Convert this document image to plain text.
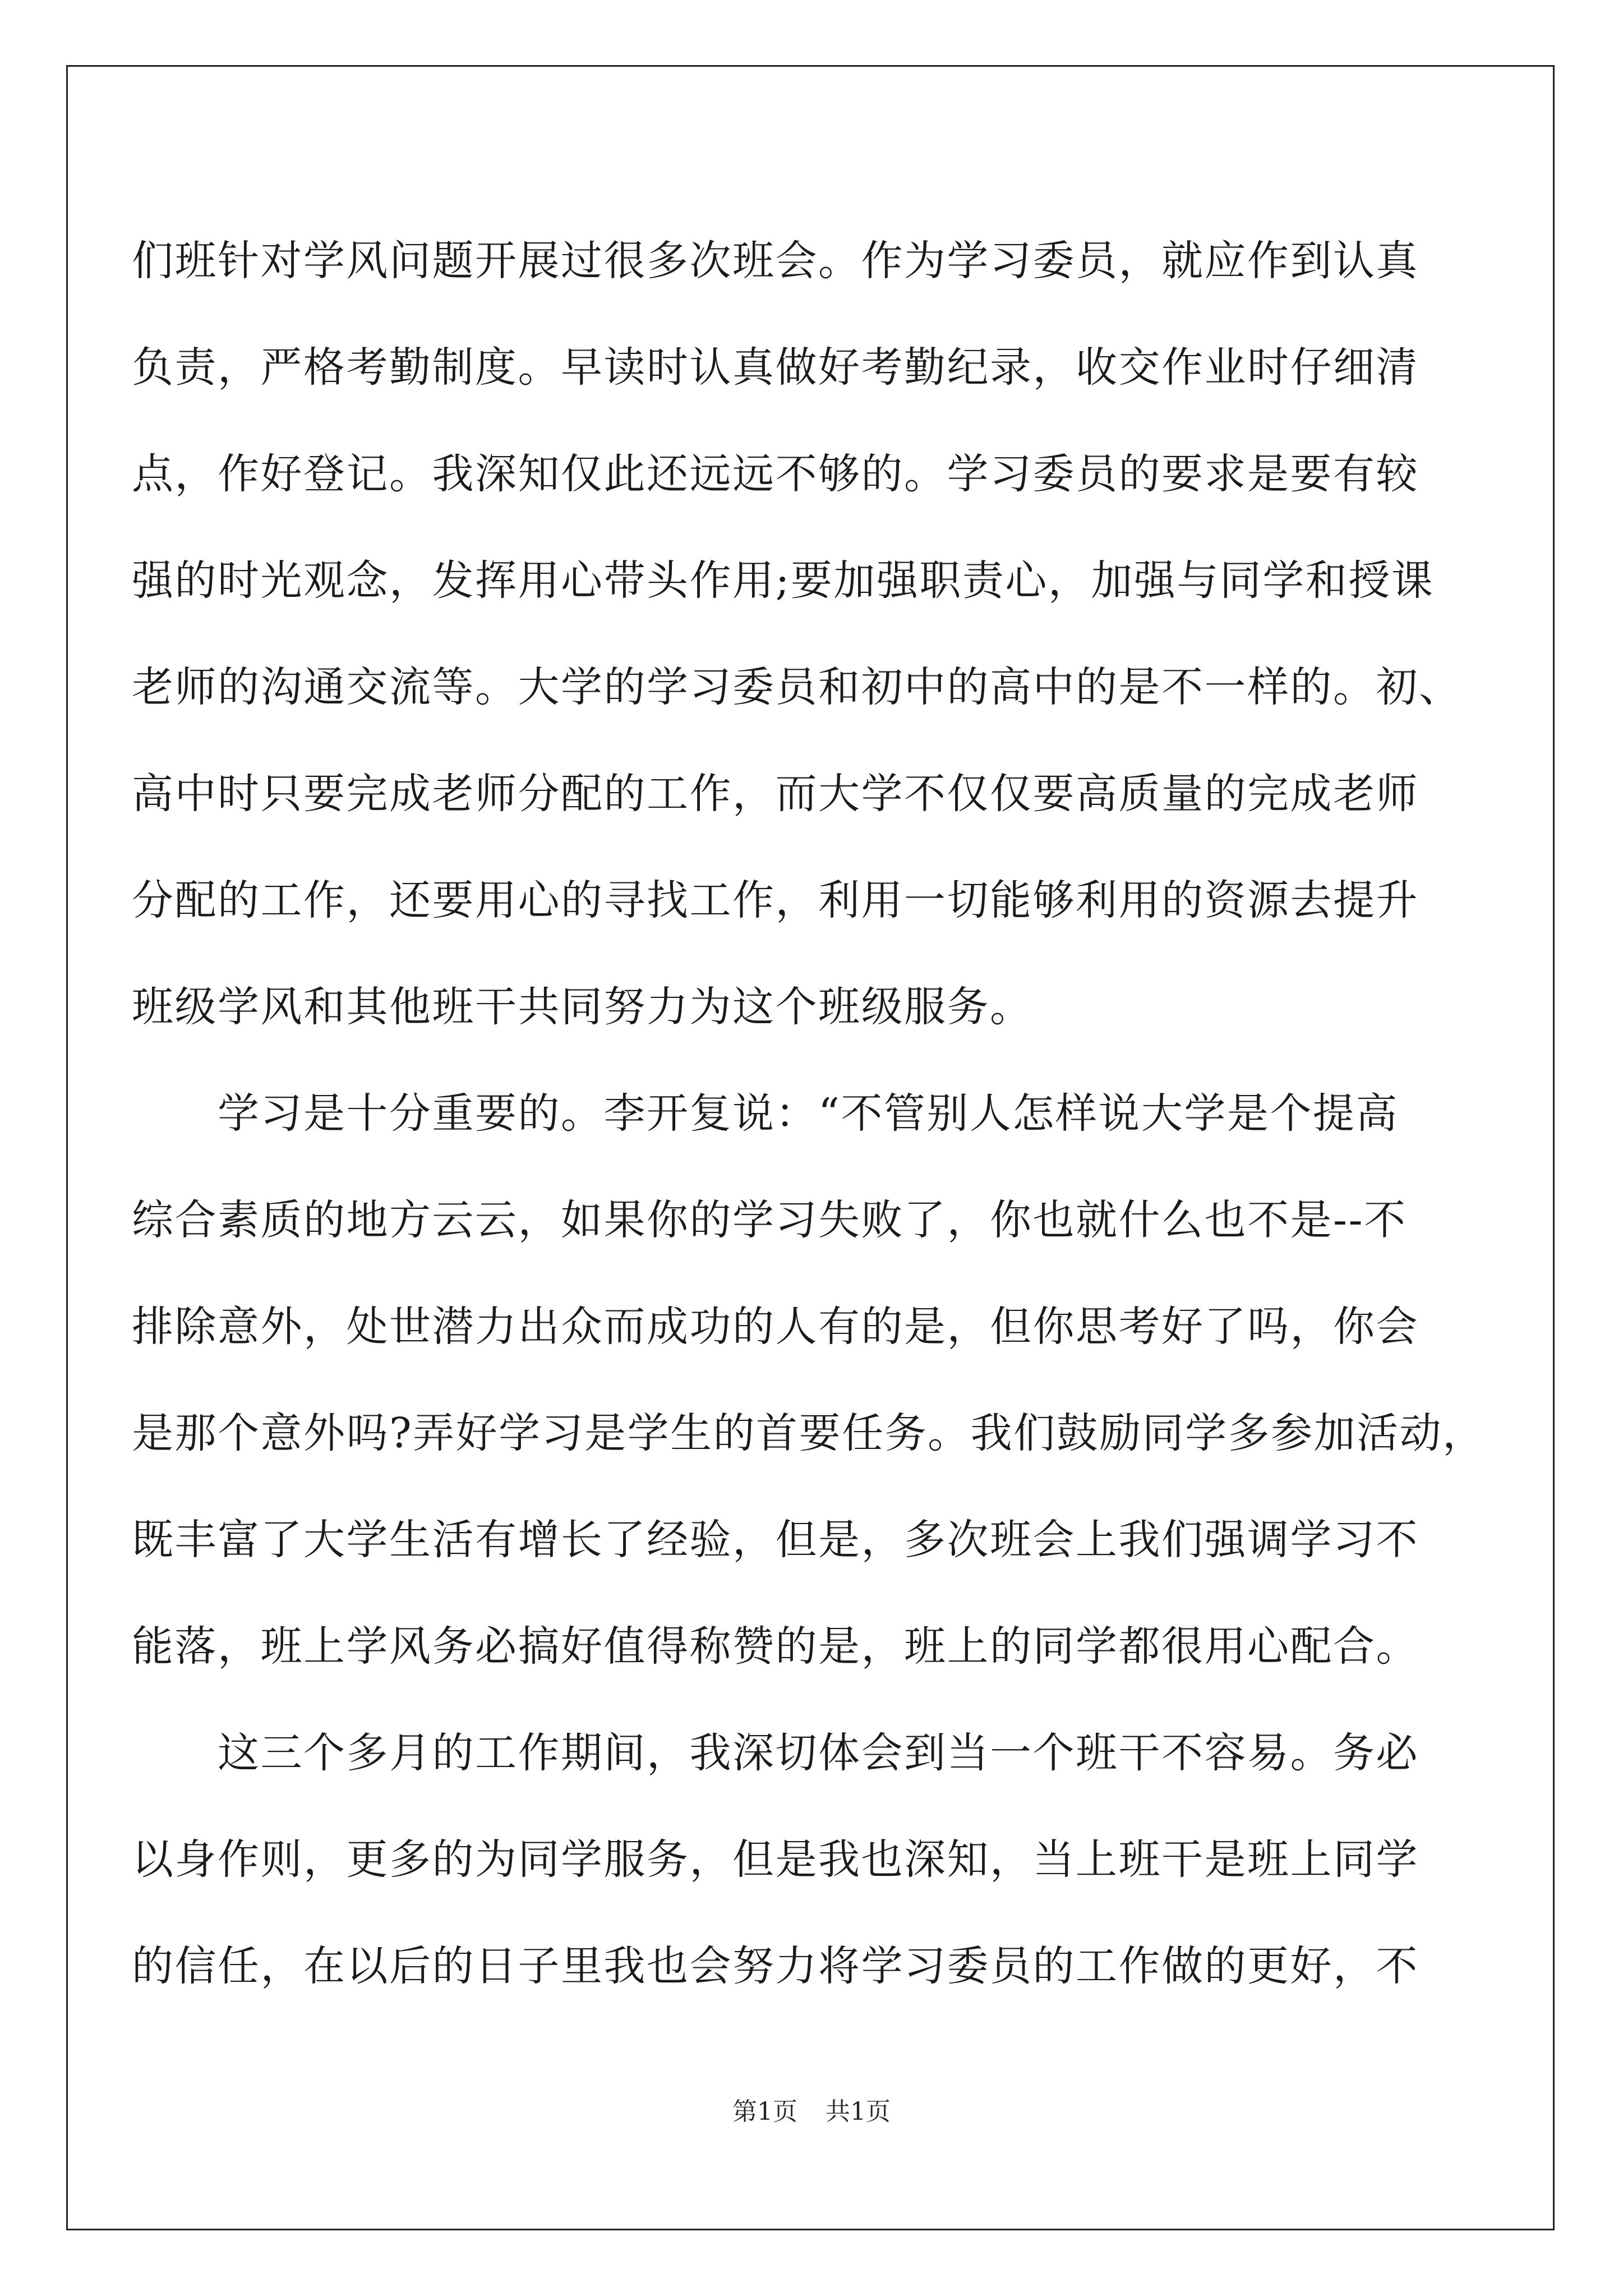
们班针对学风问题开展过很多次班会。作为学习委员，就应作到认真
负责，严格考勤制度。早读时认真做好考勤纪录，收交作业时仔细清
点，作好登记。我深知仅此还远远不够的。学习委员的要求是要有较
强的时光观念，发挥用心带头作用;要加强职责心，加强与同学和授课
老师的沟通交流等。大学的学习委员和初中的高中的是不一样的。初、
高中时只要完成老师分配的工作，而大学不仅仅要高质量的完成老师
分配的工作，还要用心的寻找工作，利用一切能够利用的资源去提升
班级学风和其他班干共同努力为这个班级服务。
　　学习是十分重要的。李开复说：“不管别人怎样说大学是个提高
综合素质的地方云云，如果你的学习失败了，你也就什么也不是--不
排除意外，处世潜力出众而成功的人有的是，但你思考好了吗，你会
是那个意外吗?弄好学习是学生的首要任务。我们鼓励同学多参加活动，
既丰富了大学生活有增长了经验，但是，多次班会上我们强调学习不
能落，班上学风务必搞好值得称赞的是，班上的同学都很用心配合。
　　这三个多月的工作期间，我深切体会到当一个班干不容易。务必
以身作则，更多的为同学服务，但是我也深知，当上班干是班上同学
的信任，在以后的日子里我也会努力将学习委员的工作做的更好，不
第1页 共1页
